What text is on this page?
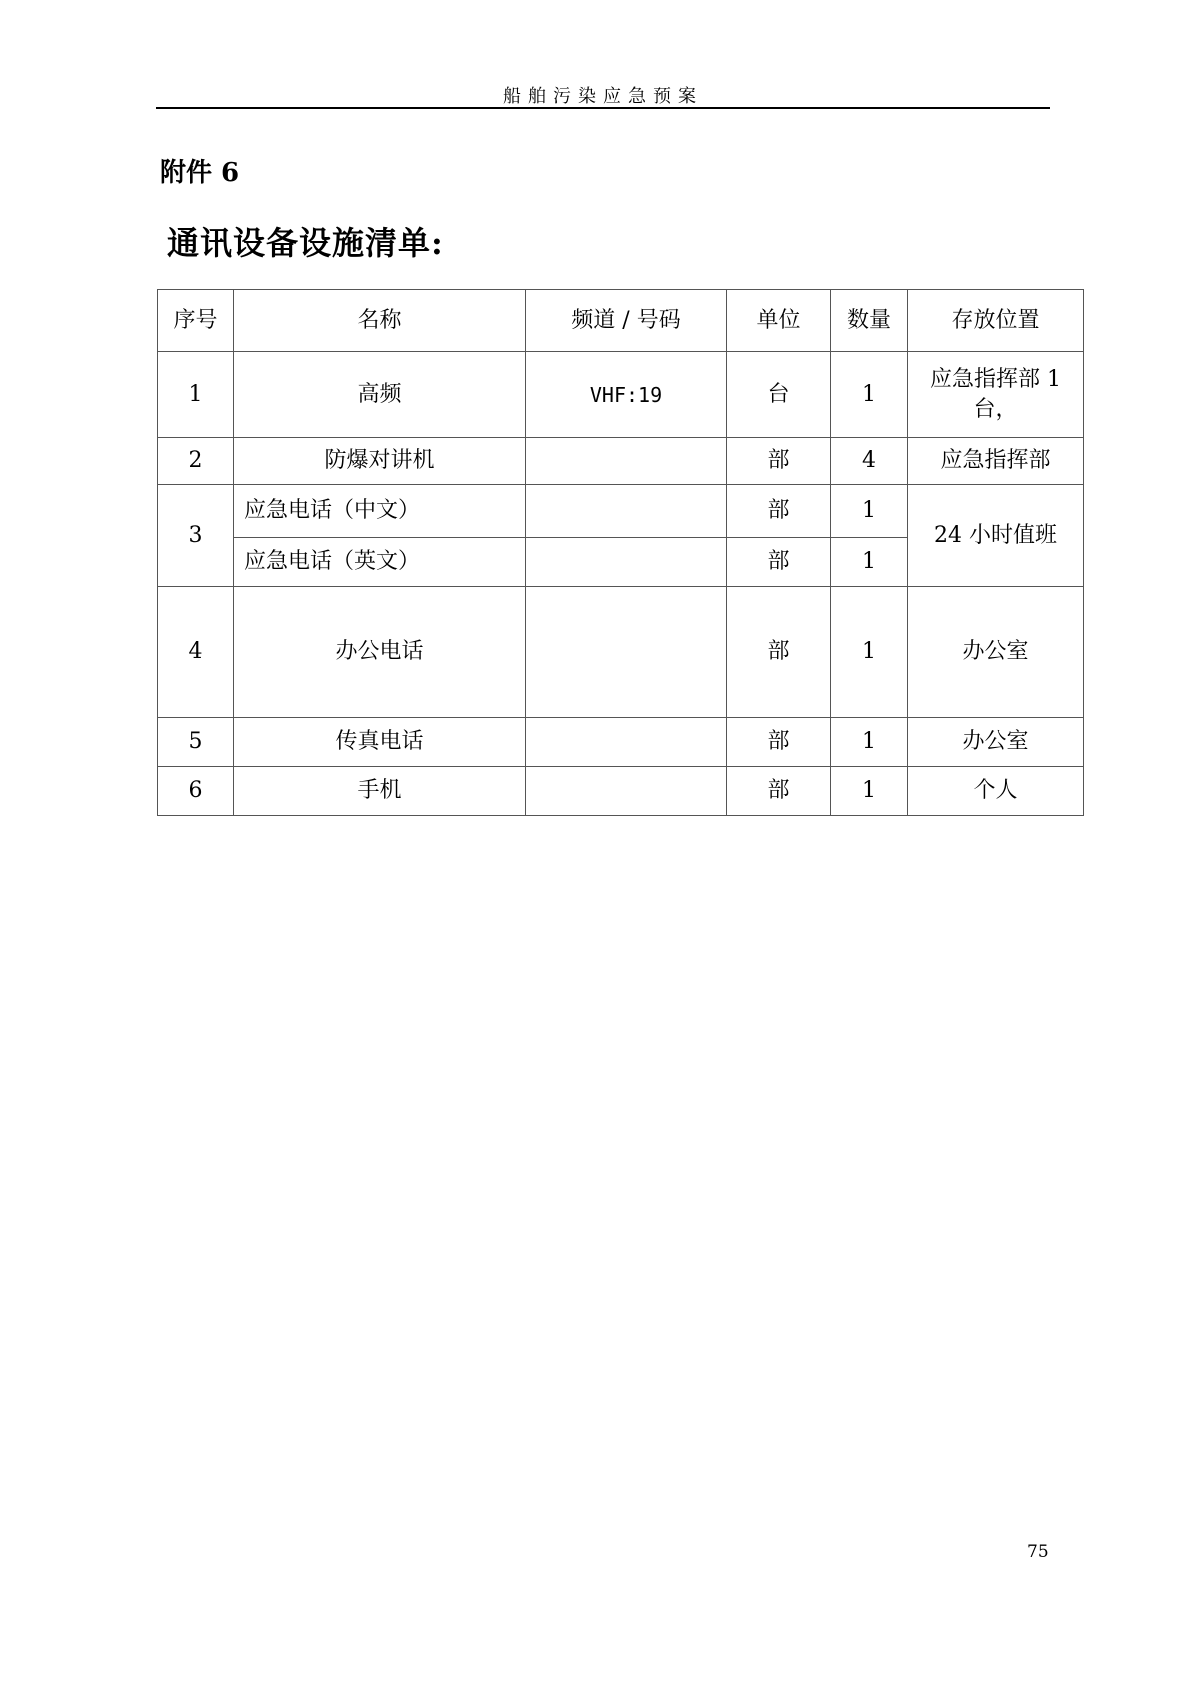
船舶污染应急预案
附件 6
通讯设备设施清单:
序号	名称	频道 / 号码	单位	数量	存放位置
1	高频	VHF:19	台	1	应急指挥部 1 台，
2	防爆对讲机		部	4	应急指挥部
3	应急电话（中文）		部	1	24 小时值班
	应急电话（英文）		部	1	
4	办公电话		部	1	办公室
5	传真电话		部	1	办公室
6	手机		部	1	个人
75
